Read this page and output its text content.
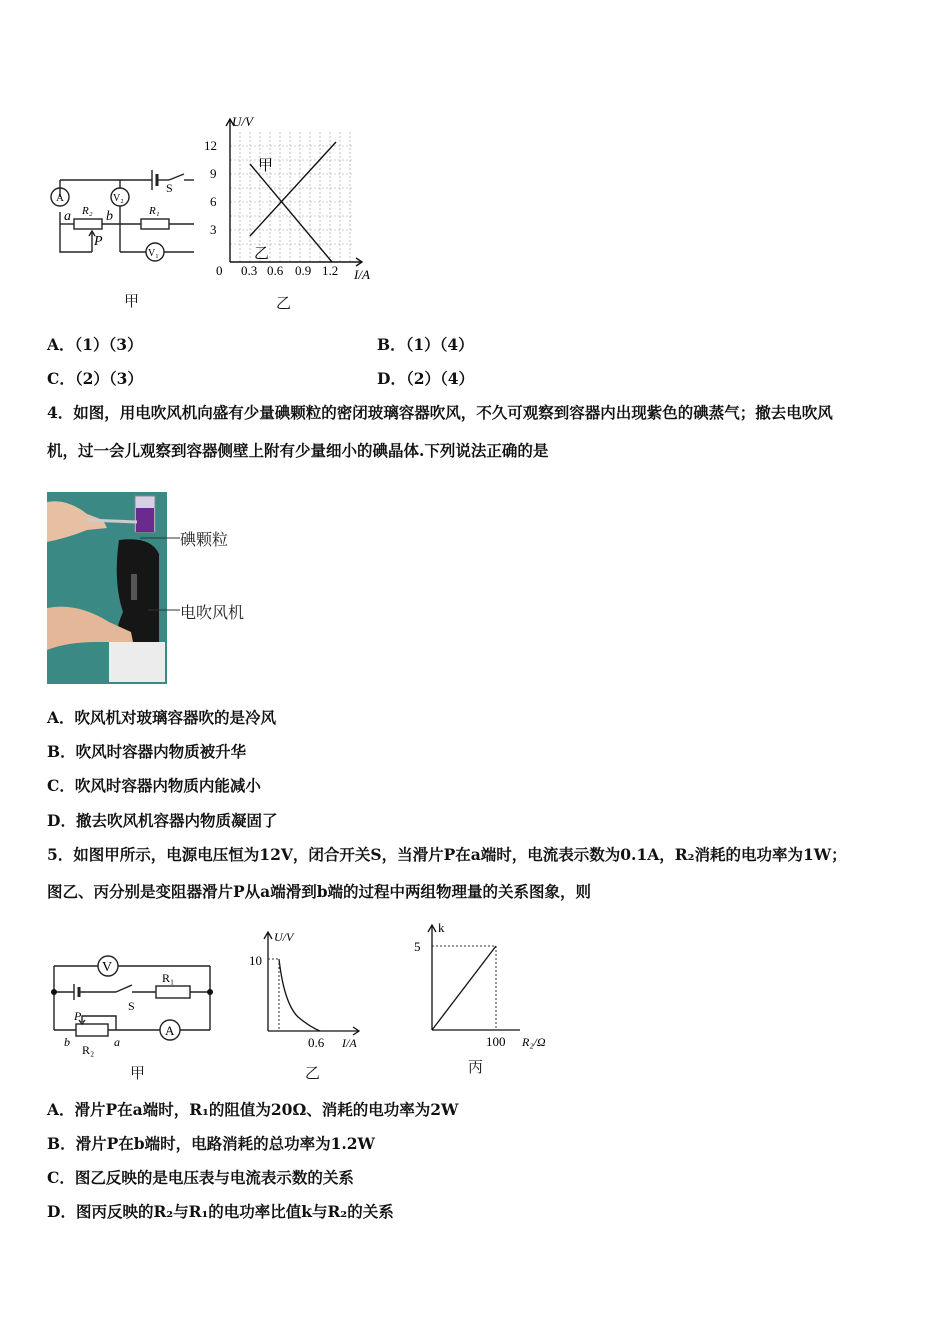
A	V₂
V₁
a	b
R₂	R₁
P
S
U/V
I/A
12
9
6
3
0 0.3 0.6 0.9 1.2
甲
乙
甲	乙
A．（1）（3）	B．（1）（4）
C．（2）（3）	D．（2）（4）
4．如图，用电吹风机向盛有少量碘颗粒的密闭玻璃容器吹风，不久可观察到容器内出现紫色的碘蒸气；撤去电吹风
机，过一会儿观察到容器侧壁上附有少量细小的碘晶体.下列说法正确的是
碘颗粒
电吹风机
A．吹风机对玻璃容器吹的是冷风
B．吹风时容器内物质被升华
C．吹风时容器内物质内能减小
D．撤去吹风机容器内物质凝固了
5．如图甲所示，电源电压恒为12V，闭合开关S，当滑片P在a端时，电流表示数为0.1A，R₂消耗的电功率为1W；
图乙、丙分别是变阻器滑片P从a端滑到b端的过程中两组物理量的关系图象，则
V
A
S
R₁
R₂
P
a
b
U/V
I/A
10
0.6
k
R₂/Ω
5
100
甲	乙	丙
A．滑片P在a端时，R₁的阻值为20Ω、消耗的电功率为2W
B．滑片P在b端时，电路消耗的总功率为1.2W
C．图乙反映的是电压表与电流表示数的关系
D．图丙反映的R₂与R₁的电功率比值k与R₂的关系
